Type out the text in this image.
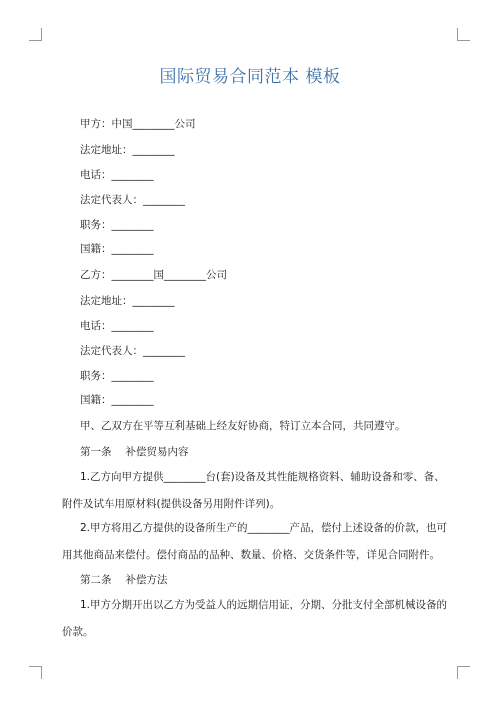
国际贸易合同范本 模板
甲方：中国________公司
法定地址：________
电话：________
法定代表人：________
职务：________
国籍：________
乙方：________国________公司
法定地址：________
电话：________
法定代表人：________
职务：________
国籍：________
甲、乙双方在平等互利基础上经友好协商，特订立本合同，共同遵守。
第一条 补偿贸易内容
1.乙方向甲方提供________台(套)设备及其性能规格资料、辅助设备和零、备、
附件及试车用原材料(提供设备另用附件详列)。
2.甲方将用乙方提供的设备所生产的________产品，偿付上述设备的价款，也可
用其他商品来偿付。偿付商品的品种、数量、价格、交货条件等，详见合同附件。
第二条 补偿方法
1.甲方分期开出以乙方为受益人的远期信用证，分期、分批支付全部机械设备的
价款。
